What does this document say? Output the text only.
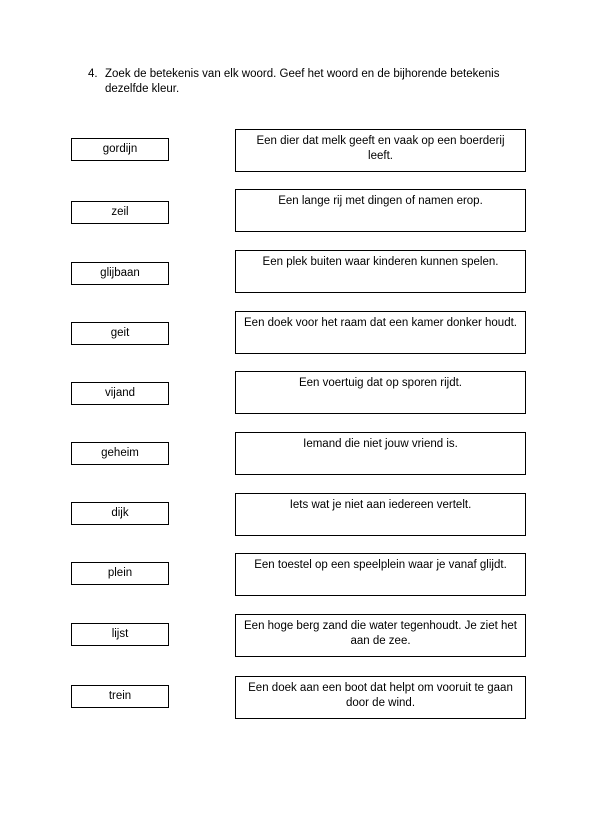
4. Zoek de betekenis van elk woord. Geef het woord en de bijhorende betekenis dezelfde kleur.
gordijn
zeil
glijbaan
geit
vijand
geheim
dijk
plein
lijst
trein
Een dier dat melk geeft en vaak op een boerderij leeft.
Een lange rij met dingen of namen erop.
Een plek buiten waar kinderen kunnen spelen.
Een doek voor het raam dat een kamer donker houdt.
Een voertuig dat op sporen rijdt.
Iemand die niet jouw vriend is.
Iets wat je niet aan iedereen vertelt.
Een toestel op een speelplein waar je vanaf glijdt.
Een hoge berg zand die water tegenhoudt. Je ziet het aan de zee.
Een doek aan een boot dat helpt om vooruit te gaan door de wind.
